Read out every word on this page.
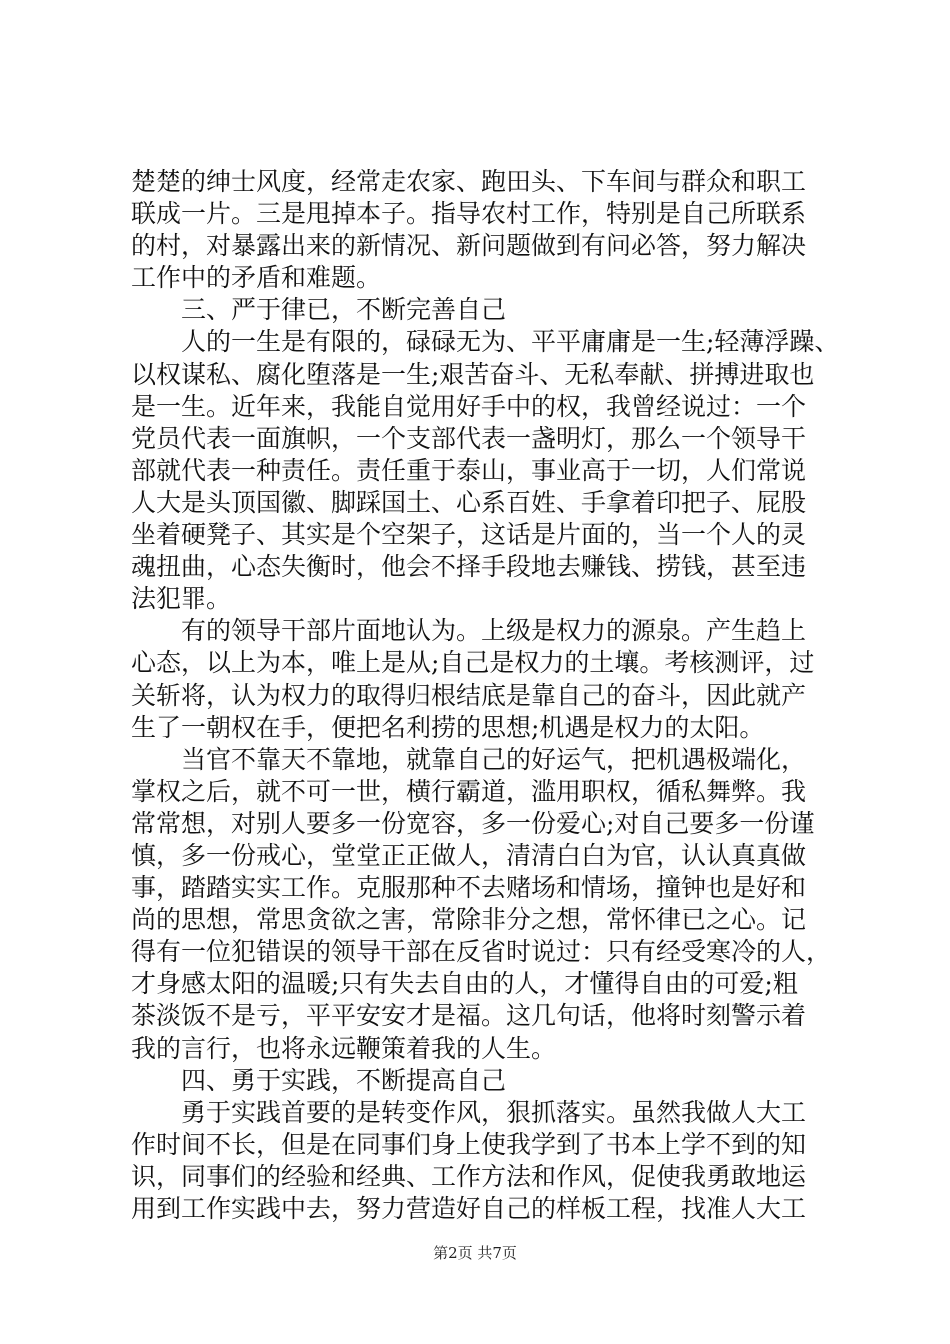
楚楚的绅士风度，经常走农家、跑田头、下车间与群众和职工
联成一片。三是甩掉本子。指导农村工作，特别是自己所联系
的村，对暴露出来的新情况、新问题做到有问必答，努力解决
工作中的矛盾和难题。
三、严于律已，不断完善自己
人的一生是有限的，碌碌无为、平平庸庸是一生;轻薄浮躁、
以权谋私、腐化堕落是一生;艰苦奋斗、无私奉献、拼搏进取也
是一生。近年来，我能自觉用好手中的权，我曾经说过：一个
党员代表一面旗帜，一个支部代表一盏明灯，那么一个领导干
部就代表一种责任。责任重于泰山，事业高于一切，人们常说
人大是头顶国徽、脚踩国土、心系百姓、手拿着印把子、屁股
坐着硬凳子、其实是个空架子，这话是片面的，当一个人的灵
魂扭曲，心态失衡时，他会不择手段地去赚钱、捞钱，甚至违
法犯罪。
有的领导干部片面地认为。上级是权力的源泉。产生趋上
心态，以上为本，唯上是从;自己是权力的土壤。考核测评，过
关斩将，认为权力的取得归根结底是靠自己的奋斗，因此就产
生了一朝权在手，便把名利捞的思想;机遇是权力的太阳。
当官不靠天不靠地，就靠自己的好运气，把机遇极端化，
掌权之后，就不可一世，横行霸道，滥用职权，循私舞弊。我
常常想，对别人要多一份宽容，多一份爱心;对自己要多一份谨
慎，多一份戒心，堂堂正正做人，清清白白为官，认认真真做
事，踏踏实实工作。克服那种不去赌场和情场，撞钟也是好和
尚的思想，常思贪欲之害，常除非分之想，常怀律已之心。记
得有一位犯错误的领导干部在反省时说过：只有经受寒冷的人，
才身感太阳的温暖;只有失去自由的人，才懂得自由的可爱;粗
茶淡饭不是亏，平平安安才是福。这几句话，他将时刻警示着
我的言行，也将永远鞭策着我的人生。
四、勇于实践，不断提高自己
勇于实践首要的是转变作风，狠抓落实。虽然我做人大工
作时间不长，但是在同事们身上使我学到了书本上学不到的知
识，同事们的经验和经典、工作方法和作风，促使我勇敢地运
用到工作实践中去，努力营造好自己的样板工程，找准人大工
第2页 共7页
